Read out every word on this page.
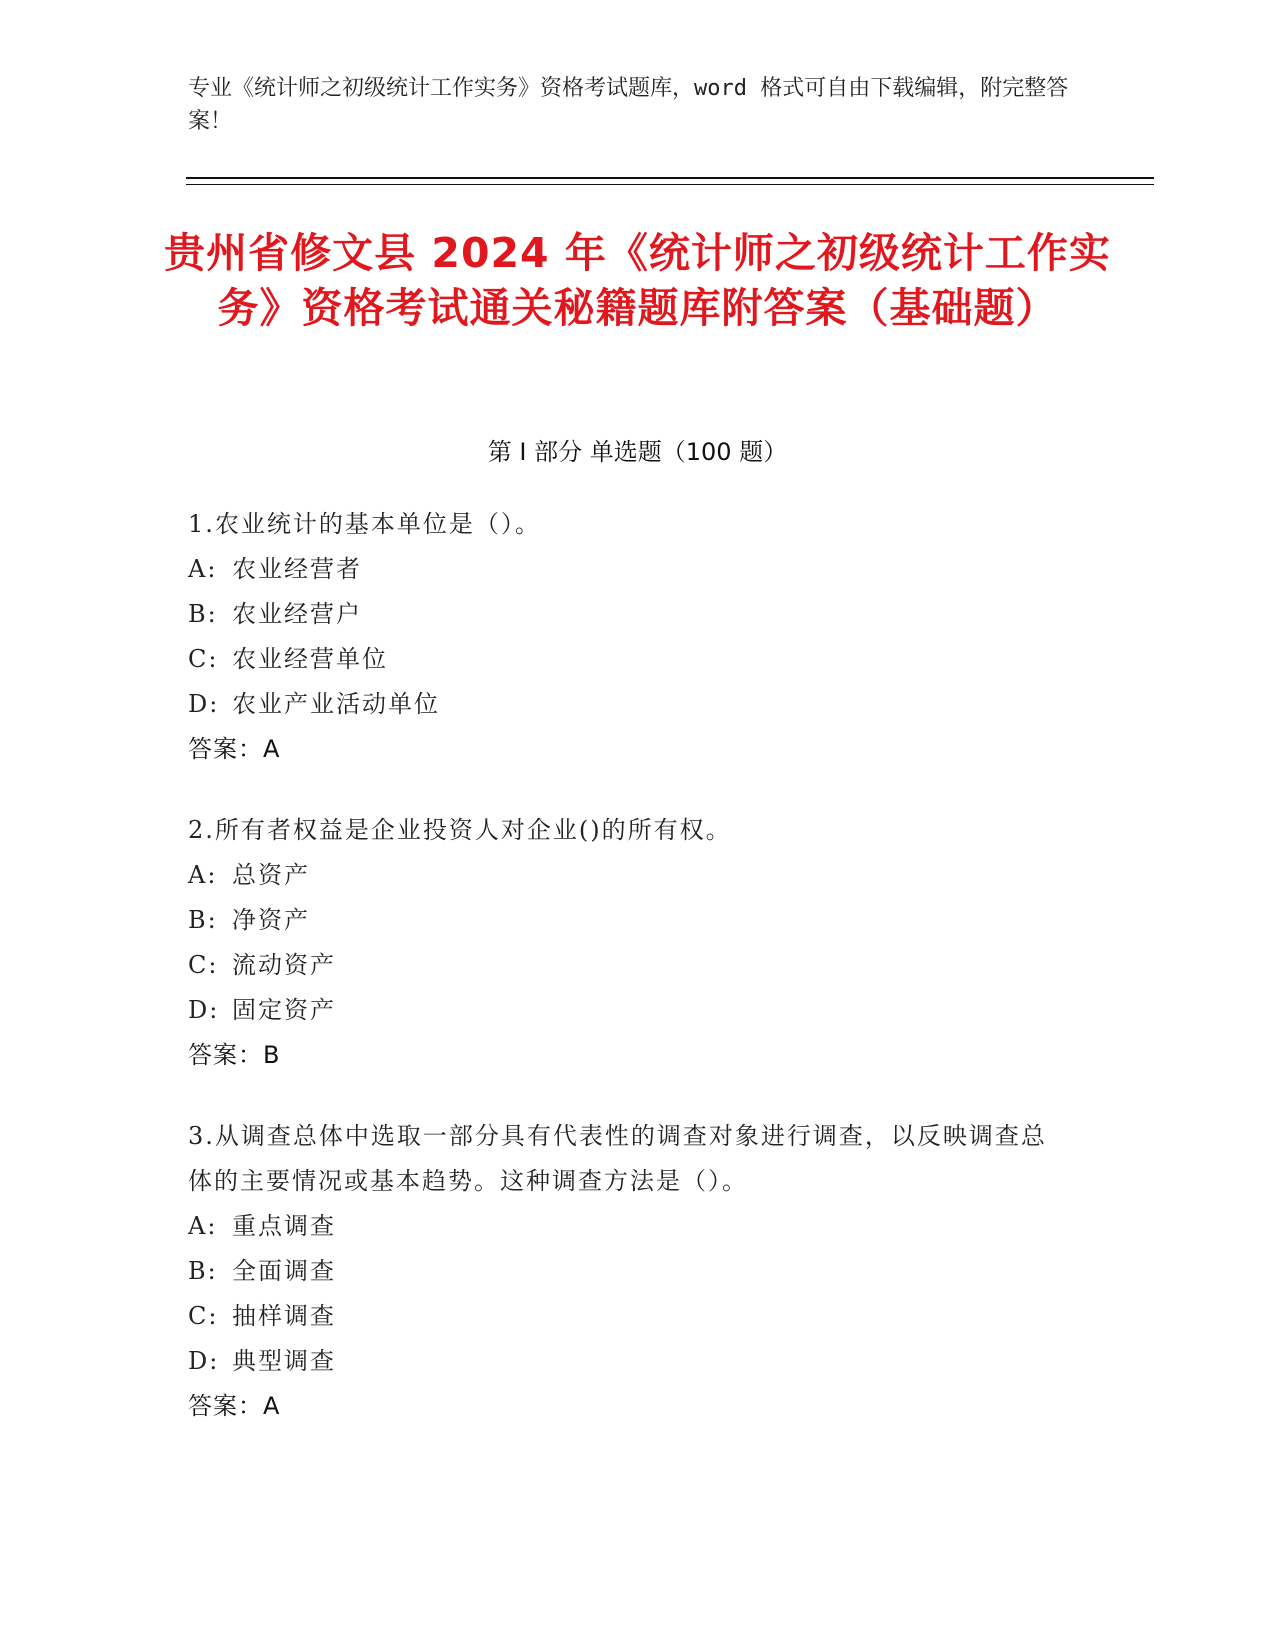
专业《统计师之初级统计工作实务》资格考试题库，word 格式可自由下载编辑，附完整答案！
贵州省修文县 2024 年《统计师之初级统计工作实务》资格考试通关秘籍题库附答案（基础题）
第 I 部分 单选题（100 题）
1.农业统计的基本单位是（）。
A: 农业经营者
B: 农业经营户
C: 农业经营单位
D: 农业产业活动单位
答案：A
2.所有者权益是企业投资人对企业()的所有权。
A: 总资产
B: 净资产
C: 流动资产
D: 固定资产
答案：B
3.从调查总体中选取一部分具有代表性的调查对象进行调查，以反映调查总体的主要情况或基本趋势。这种调查方法是（）。
A: 重点调查
B: 全面调查
C: 抽样调查
D: 典型调查
答案：A
